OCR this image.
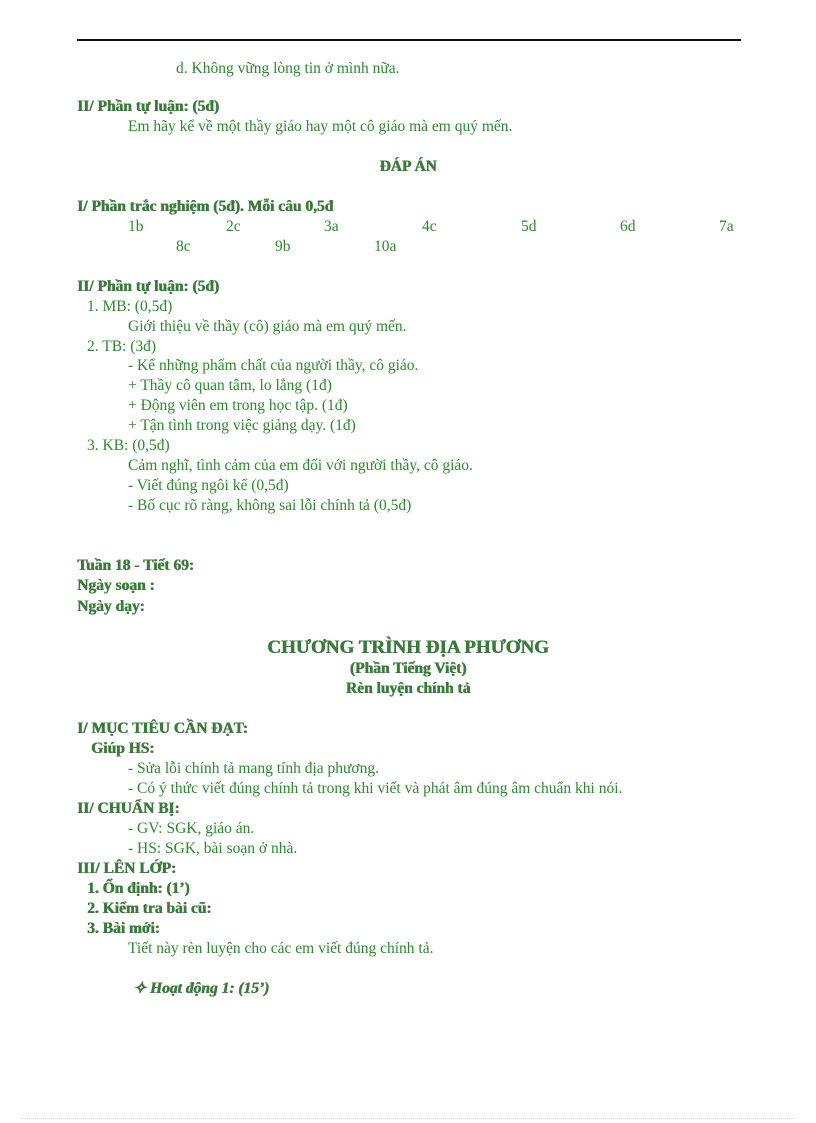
d. Không vững lòng tin ở mình nữa.
II/ Phần tự luận: (5đ)
Em hãy kể về một thầy giáo hay một cô giáo mà em quý mến.
ĐÁP ÁN
I/ Phần trắc nghiệm (5đ). Mỗi câu 0,5đ
1b	2c	3a	4c	5d	6d	7a
8c	9b	10a
II/ Phần tự luận: (5đ)
1. MB: (0,5đ)
Giới thiệu về thầy (cô) giáo mà em quý mến.
2. TB: (3đ)
- Kể những phẩm chất của người thầy, cô giáo.
+ Thầy cô quan tâm, lo lắng (1đ)
+ Động viên em trong học tập. (1đ)
+ Tận tình trong việc giảng dạy. (1đ)
3. KB: (0,5đ)
Cảm nghĩ, tình cảm của em đối với người thầy, cô giáo.
- Viết đúng ngôi kể (0,5đ)
- Bố cục rõ ràng, không sai lỗi chính tả (0,5đ)
Tuần 18 - Tiết 69:
Ngày soạn :
Ngày dạy:
CHƯƠNG TRÌNH ĐỊA PHƯƠNG
(Phần Tiếng Việt)
Rèn luyện chính tả
I/ MỤC TIÊU CẦN ĐẠT:
Giúp HS:
- Sửa lỗi chính tả mang tính địa phương.
- Có ý thức viết đúng chính tả trong khi viết và phát âm đúng âm chuẩn khi nói.
II/ CHUẨN BỊ:
- GV: SGK, giáo án.
- HS: SGK, bài soạn ở nhà.
III/ LÊN LỚP:
1. Ổn định: (1’)
2. Kiểm tra bài cũ:
3. Bài mới:
Tiết này rèn luyện cho các em viết đúng chính tả.
✧ Hoạt động 1: (15’)
